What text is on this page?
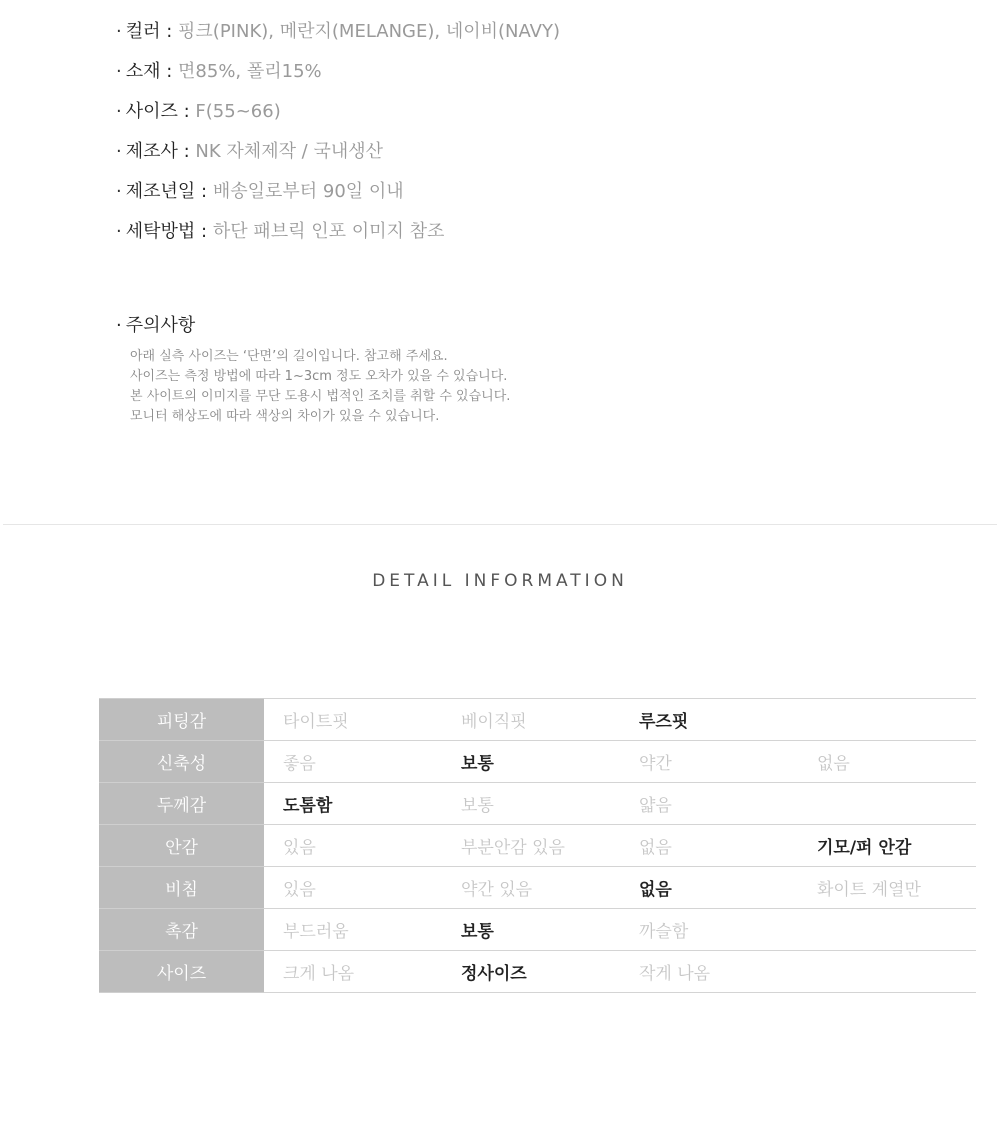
· 컬러 : 핑크(PINK), 메란지(MELANGE), 네이비(NAVY)
· 소재 : 면85%, 폴리15%
· 사이즈 : F(55~66)
· 제조사 : NK 자체제작 / 국내생산
· 제조년일 : 배송일로부터 90일 이내
· 세탁방법 : 하단 패브릭 인포 이미지 참조
· 주의사항
아래 실측 사이즈는 ‘단면’의 길이입니다. 참고해 주세요.
사이즈는 측정 방법에 따라 1~3cm 정도 오차가 있을 수 있습니다.
본 사이트의 이미지를 무단 도용시 법적인 조치를 취할 수 있습니다.
모니터 해상도에 따라 색상의 차이가 있을 수 있습니다.
DETAIL INFORMATION
피팅감	타이트핏	베이직핏	루즈핏	
신축성	좋음	보통	약간	없음
두께감	도톰함	보통	얇음	
안감	있음	부분안감 있음	없음	기모/퍼 안감
비침	있음	약간 있음	없음	화이트 계열만
촉감	부드러움	보통	까슬함	
사이즈	크게 나옴	정사이즈	작게 나옴	
